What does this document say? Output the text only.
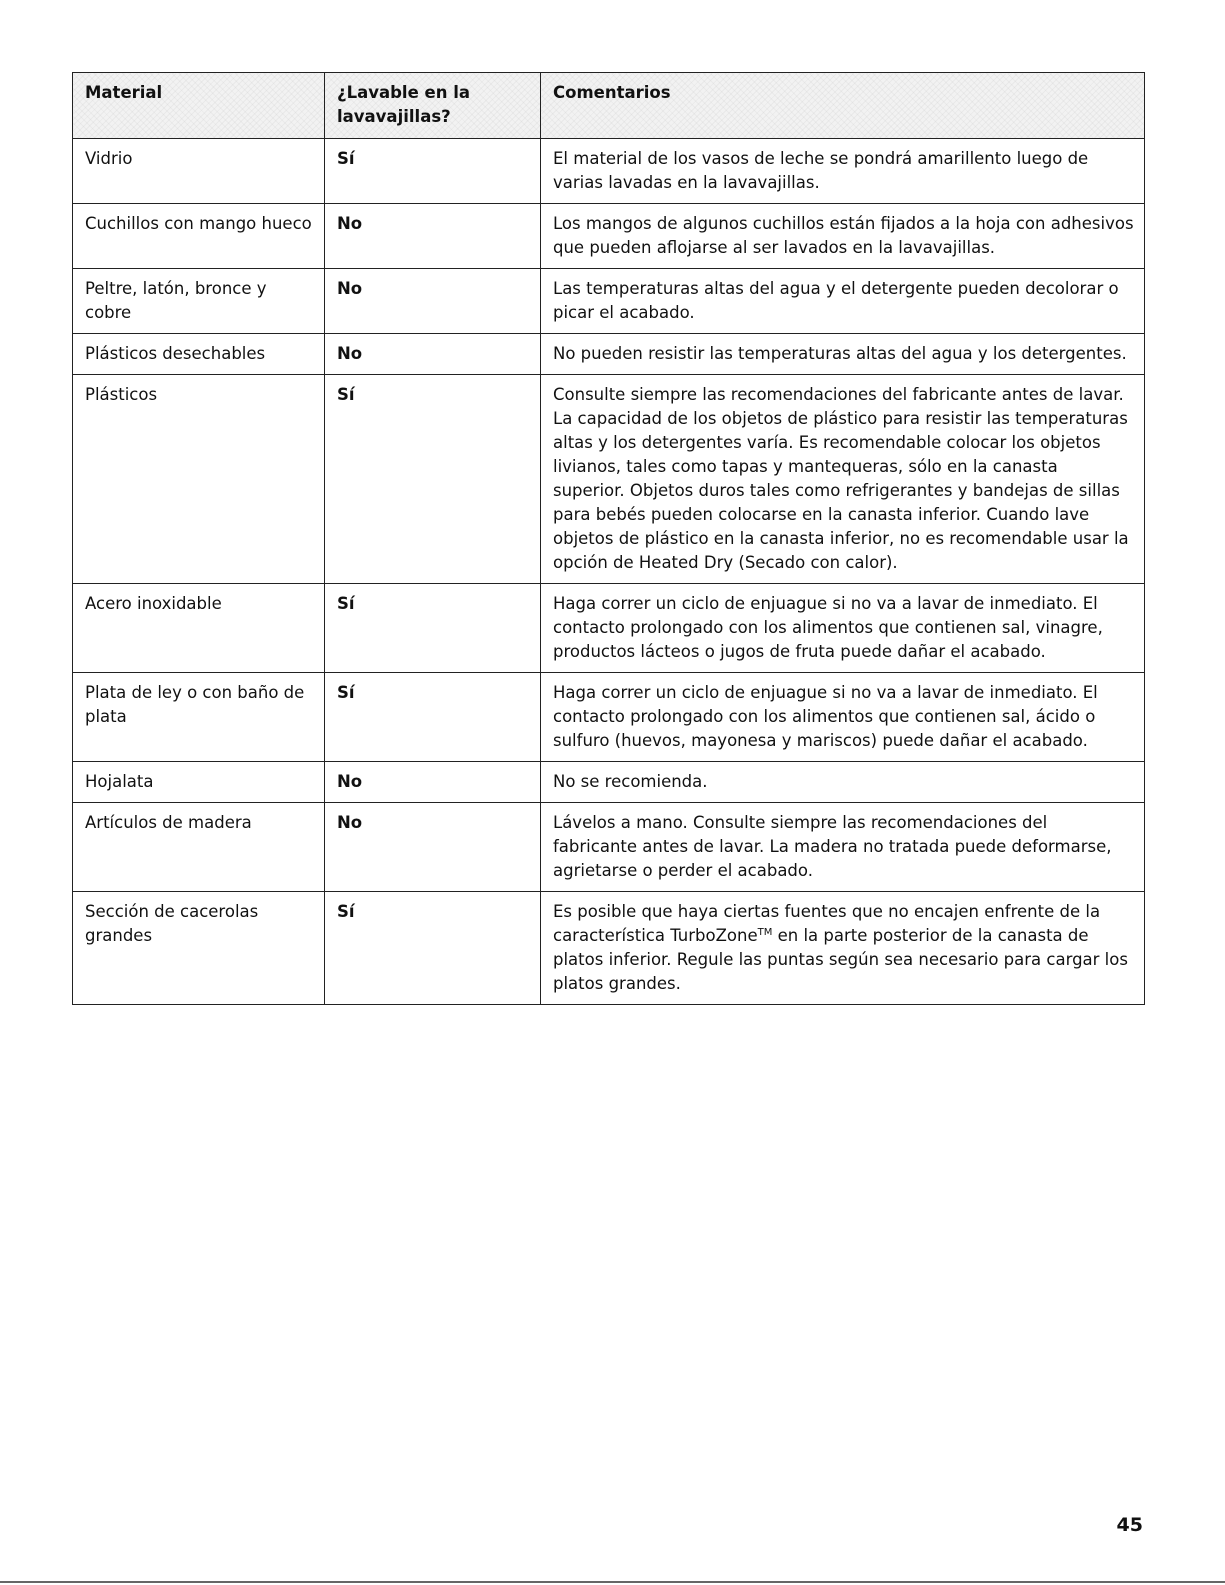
Material	¿Lavable en la lavavajillas?	Comentarios
Vidrio	Sí	El material de los vasos de leche se pondrá amarillento luego de varias lavadas en la lavavajillas.
Cuchillos con mango hueco	No	Los mangos de algunos cuchillos están fijados a la hoja con adhesivos que pueden aflojarse al ser lavados en la lavavajillas.
Peltre, latón, bronce y cobre	No	Las temperaturas altas del agua y el detergente pueden decolorar o picar el acabado.
Plásticos desechables	No	No pueden resistir las temperaturas altas del agua y los detergentes.
Plásticos	Sí	Consulte siempre las recomendaciones del fabricante antes de lavar. La capacidad de los objetos de plástico para resistir las temperaturas altas y los detergentes varía. Es recomendable colocar los objetos livianos, tales como tapas y mantequeras, sólo en la canasta superior. Objetos duros tales como refrigerantes y bandejas de sillas para bebés pueden colocarse en la canasta inferior. Cuando lave objetos de plástico en la canasta inferior, no es recomendable usar la opción de Heated Dry (Secado con calor).
Acero inoxidable	Sí	Haga correr un ciclo de enjuague si no va a lavar de inmediato. El contacto prolongado con los alimentos que contienen sal, vinagre, productos lácteos o jugos de fruta puede dañar el acabado.
Plata de ley o con baño de plata	Sí	Haga correr un ciclo de enjuague si no va a lavar de inmediato. El contacto prolongado con los alimentos que contienen sal, ácido o sulfuro (huevos, mayonesa y mariscos) puede dañar el acabado.
Hojalata	No	No se recomienda.
Artículos de madera	No	Lávelos a mano. Consulte siempre las recomendaciones del fabricante antes de lavar. La madera no tratada puede deformarse, agrietarse o perder el acabado.
Sección de cacerolas grandes	Sí	Es posible que haya ciertas fuentes que no encajen enfrente de la característica TurboZone™ en la parte posterior de la canasta de platos inferior. Regule las puntas según sea necesario para cargar los platos grandes.
45
